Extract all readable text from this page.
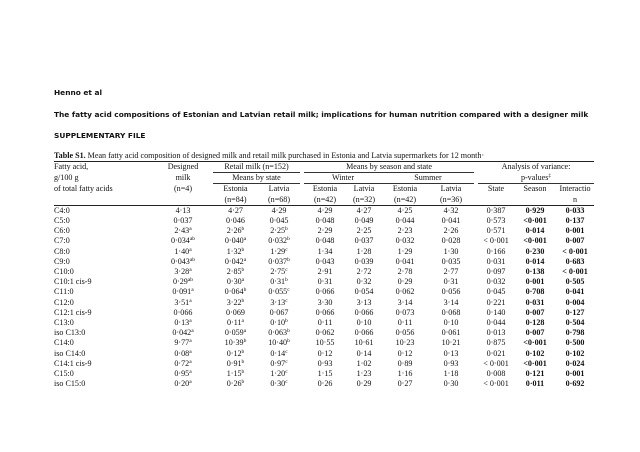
Henno et al
The fatty acid compositions of Estonian and Latvian retail milk; implications for human nutrition compared with a designer milk
SUPPLEMENTARY FILE
Table S1. Mean fatty acid composition of designed milk and retail milk purchased in Estonia and Latvia supermarkets for 12 month·
Fatty acid,	Designed		Retail milk (n=152)			Means by season and state					Analysis of variance:		
g/100 g	milk		Means by state			Winter		Summer			p-values‡
of total fatty acids	(n=4)		Estonia	Latvia		Estonia	Latvia	Estonia	Latvia		State	Season	Interactio
			(n=84)	(n=68)		(n=42)	(n=32)	(n=42)	(n=36)				n
C4:0	4·13		4·27	4·29		4·29	4·27	4·25	4·32		0·387	0·929	0·033
C5:0	0·037		0·046	0·045		0·048	0·049	0·044	0·041		0·573	<0·001	0·137
C6:0	$2\cdot 43^a$		$2\cdot 26^b$	$2\cdot 25^b$		2·29	2·25	2·23	2·26		0·571	0·014	0·001
C7:0	$0\cdot 034^{ab}$		$0\cdot 040^a$	$0\cdot 032^b$		0·048	0·037	0·032	0·028		< 0·001	<0·001	0·007
C8:0	$1\cdot 40^a$		$1\cdot 32^b$	$1\cdot 29^c$		1·34	1·28	1·29	1·30		0·166	0·230	< 0·001
C9:0	$0\cdot 043^{ab}$		$0\cdot 042^a$	$0\cdot 037^b$		0·043	0·039	0·041	0·035		0·031	0·014	0·683
C10:0	$3\cdot 28^a$		$2\cdot 85^b$	$2\cdot 75^c$		2·91	2·72	2·78	2·77		0·097	0·138	< 0·001
C10:1 cis-9	$0\cdot 29^{ab}$		$0\cdot 30^a$	$0\cdot 31^b$		0·31	0·32	0·29	0·31		0·032	0·001	0·505
C11:0	$0\cdot 091^a$		$0\cdot 064^b$	$0\cdot 055^c$		0·066	0·054	0·062	0·056		0·045	0·708	0·041
C12:0	$3\cdot 51^a$		$3\cdot 22^b$	$3\cdot 13^c$		3·30	3·13	3·14	3·14		0·221	0·031	0·004
C12:1 cis-9	0·066		0·069	0·067		0·066	0·066	0·073	0·068		0·140	0·007	0·127
C13:0	$0\cdot 13^a$		$0\cdot 11^a$	$0\cdot 10^b$		0·11	0·10	0·11	0·10		0·044	0·128	0·504
iso C13:0	$0\cdot 042^a$		$0\cdot 059^a$	$0\cdot 063^b$		0·062	0·066	0·056	0·061		0·013	0·007	0·798
C14:0	$9\cdot 77^a$		$10\cdot 39^b$	$10\cdot 40^b$		10·55	10·61	10·23	10·21		0·875	<0·001	0·500
iso C14:0	$0\cdot 08^a$		$0\cdot 12^b$	$0\cdot 14^c$		0·12	0·14	0·12	0·13		0·021	0·102	0·102
C14:1 cis-9	$0\cdot 72^a$		$0\cdot 91^b$	$0\cdot 97^c$		0·93	1·02	0·89	0·93		< 0·001	<0·001	0·024
C15:0	$0\cdot 95^a$		$1\cdot 15^b$	$1\cdot 20^c$		1·15	1·23	1·16	1·18		0·008	0·121	0·001
iso C15:0	$0\cdot 20^a$		$0\cdot 26^b$	$0\cdot 30^c$		0·26	0·29	0·27	0·30		< 0·001	0·011	0·692
